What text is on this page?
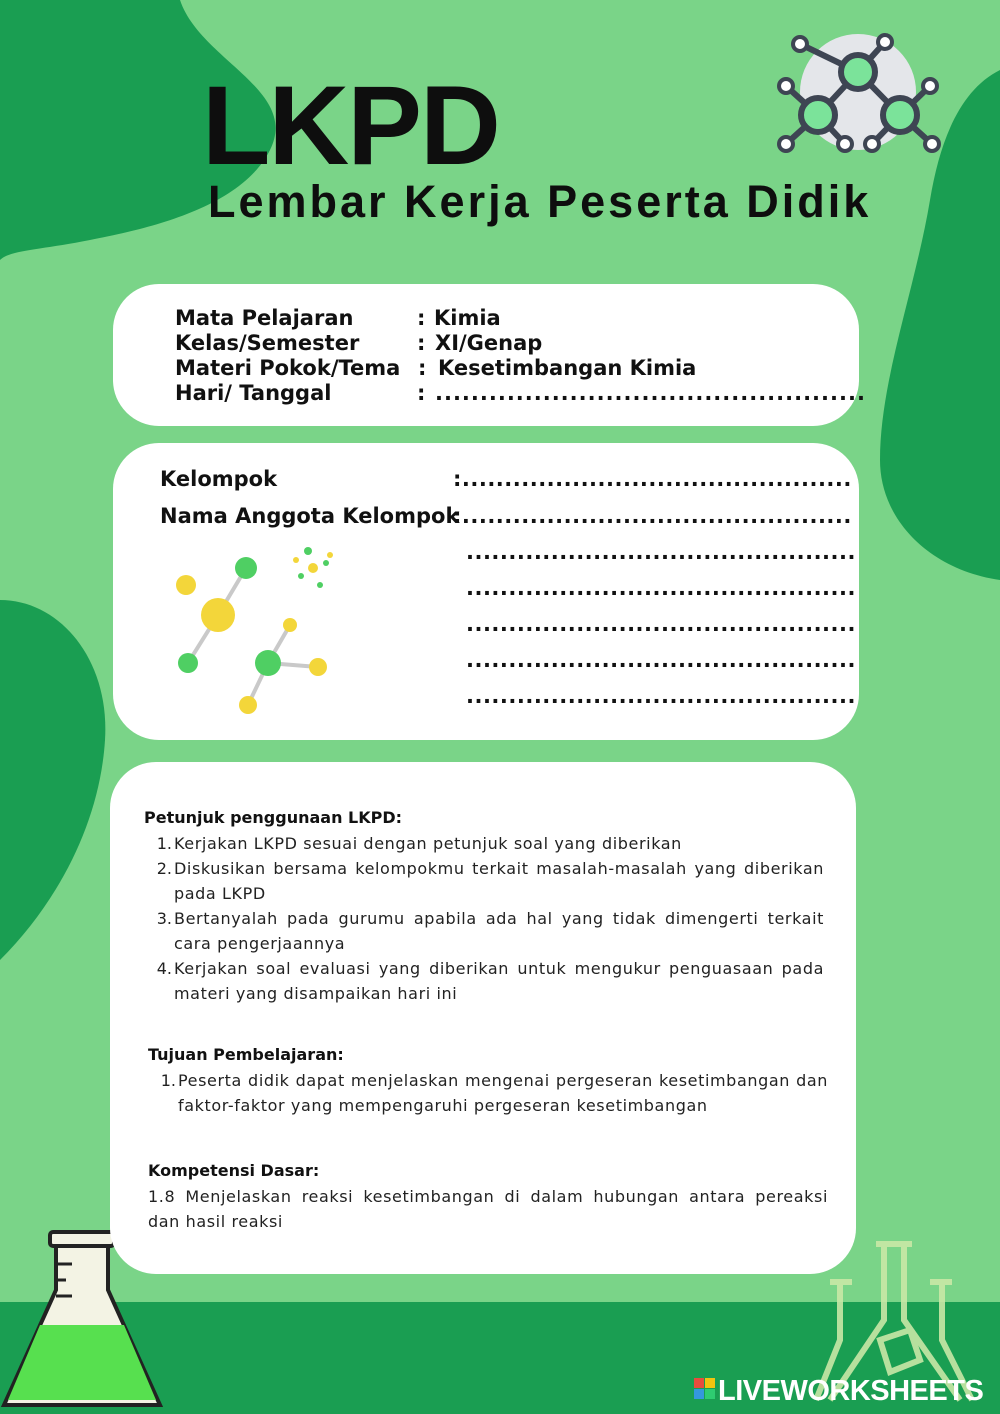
LKPD
Lembar Kerja Peserta Didik
Mata Pelajaran	: Kimia
Kelas/Semester	: XI/Genap
Materi Pokok/Tema : Kesetimbangan Kimia
Hari/ Tanggal	: ................................................
Kelompok	:..............................................
Nama Anggota Kelompok
:..............................................
..............................................
..............................................
..............................................
..............................................
..............................................
Petunjuk penggunaan LKPD:
1. Kerjakan LKPD sesuai dengan petunjuk soal yang diberikan
2. Diskusikan bersama kelompokmu terkait masalah-masalah yang diberikan pada LKPD
3. Bertanyalah pada gurumu apabila ada hal yang tidak dimengerti terkait cara pengerjaannya
4. Kerjakan soal evaluasi yang diberikan untuk mengukur penguasaan pada materi yang disampaikan hari ini
Tujuan Pembelajaran:
1. Peserta didik dapat menjelaskan mengenai pergeseran kesetimbangan dan faktor-faktor yang mempengaruhi pergeseran kesetimbangan
Kompetensi Dasar:
1.8 Menjelaskan reaksi kesetimbangan di dalam hubungan antara pereaksi dan hasil reaksi
LIVEWORKSHEETS
